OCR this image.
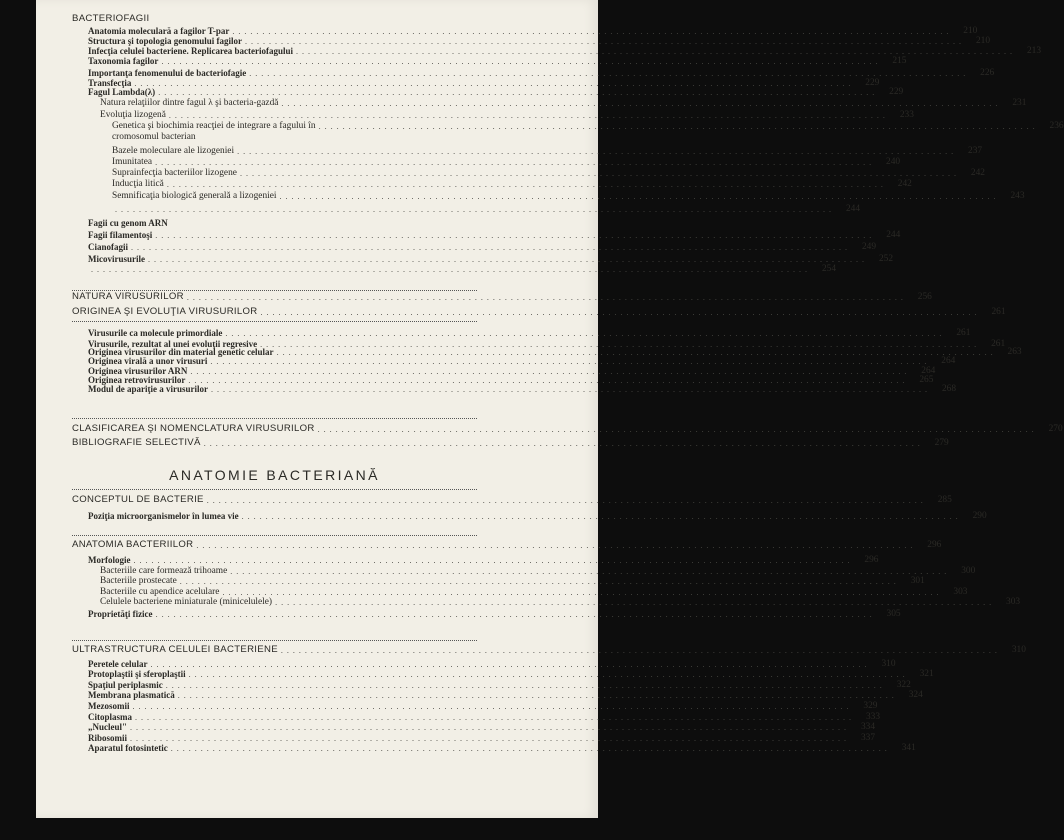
BACTERIOFAGII
Anatomia moleculară a fagilor T-par ........................................................................................................................	210
Structura şi topologia genomului fagilor ........................................................................................................................	210
Infecţia celulei bacteriene. Replicarea bacteriofagului ........................................................................................................................	213
Taxonomia fagilor ........................................................................................................................	215
Importanţa fenomenului de bacteriofagie ........................................................................................................................	226
Transfecţia ........................................................................................................................	229
Fagul Lambda(λ) ........................................................................................................................	229
Natura relaţiilor dintre fagul λ şi bacteria-gazdă ........................................................................................................................	231
Evoluţia lizogenă ........................................................................................................................	233
Genetica şi biochimia reacţiei de integrare a fagului în ........................................................................................................................	236
cromosomul bacterian
Bazele moleculare ale lizogeniei ........................................................................................................................	237
Imunitatea ........................................................................................................................	240
Suprainfecţia bacteriilor lizogene ........................................................................................................................	242
Inducţia litică ........................................................................................................................	242
Semnificaţia biologică generală a lizogeniei ........................................................................................................................	243
........................................................................................................................	244
Fagii cu genom ARN
Fagii filamentoşi ........................................................................................................................	244
Cianofagii ........................................................................................................................	249
Micovirusurile ........................................................................................................................	252
........................................................................................................................	254
NATURA VIRUSURILOR ........................................................................................................................	256
ORIGINEA ŞI EVOLUŢIA VIRUSURILOR ........................................................................................................................	261
Virusurile ca molecule primordiale ........................................................................................................................	261
Virusurile, rezultat al unei evoluţii regresive ........................................................................................................................	261
Originea virusurilor din material genetic celular ........................................................................................................................	263
Originea virală a unor virusuri ........................................................................................................................	264
Originea virusurilor ARN ........................................................................................................................	264
Originea retrovirusurilor ........................................................................................................................	265
Modul de apariţie a virusurilor ........................................................................................................................	268
CLASIFICAREA ŞI NOMENCLATURA VIRUSURILOR ........................................................................................................................	270
BIBLIOGRAFIE SELECTIVĂ ........................................................................................................................	279
ANATOMIE BACTERIANĂ
CONCEPTUL DE BACTERIE ........................................................................................................................	285
Poziţia microorganismelor în lumea vie ........................................................................................................................	290
ANATOMIA BACTERIILOR ........................................................................................................................	296
Morfologie ........................................................................................................................	296
Bacteriile care formează trihoame ........................................................................................................................	300
Bacteriile prostecate ........................................................................................................................	301
Bacteriile cu apendice acelulare ........................................................................................................................	303
Celulele bacteriene miniaturale (minicelulele) ........................................................................................................................	303
Proprietăţi fizice ........................................................................................................................	305
ULTRASTRUCTURA CELULEI BACTERIENE ........................................................................................................................	310
Peretele celular ........................................................................................................................	310
Protoplaştii şi sferoplaştii ........................................................................................................................	321
Spaţiul periplasmic ........................................................................................................................	322
Membrana plasmatică ........................................................................................................................	324
Mezosomii ........................................................................................................................	329
Citoplasma ........................................................................................................................	333
„Nucleul" ........................................................................................................................	334
Ribosomii ........................................................................................................................	337
Aparatul fotosintetic ........................................................................................................................	341
